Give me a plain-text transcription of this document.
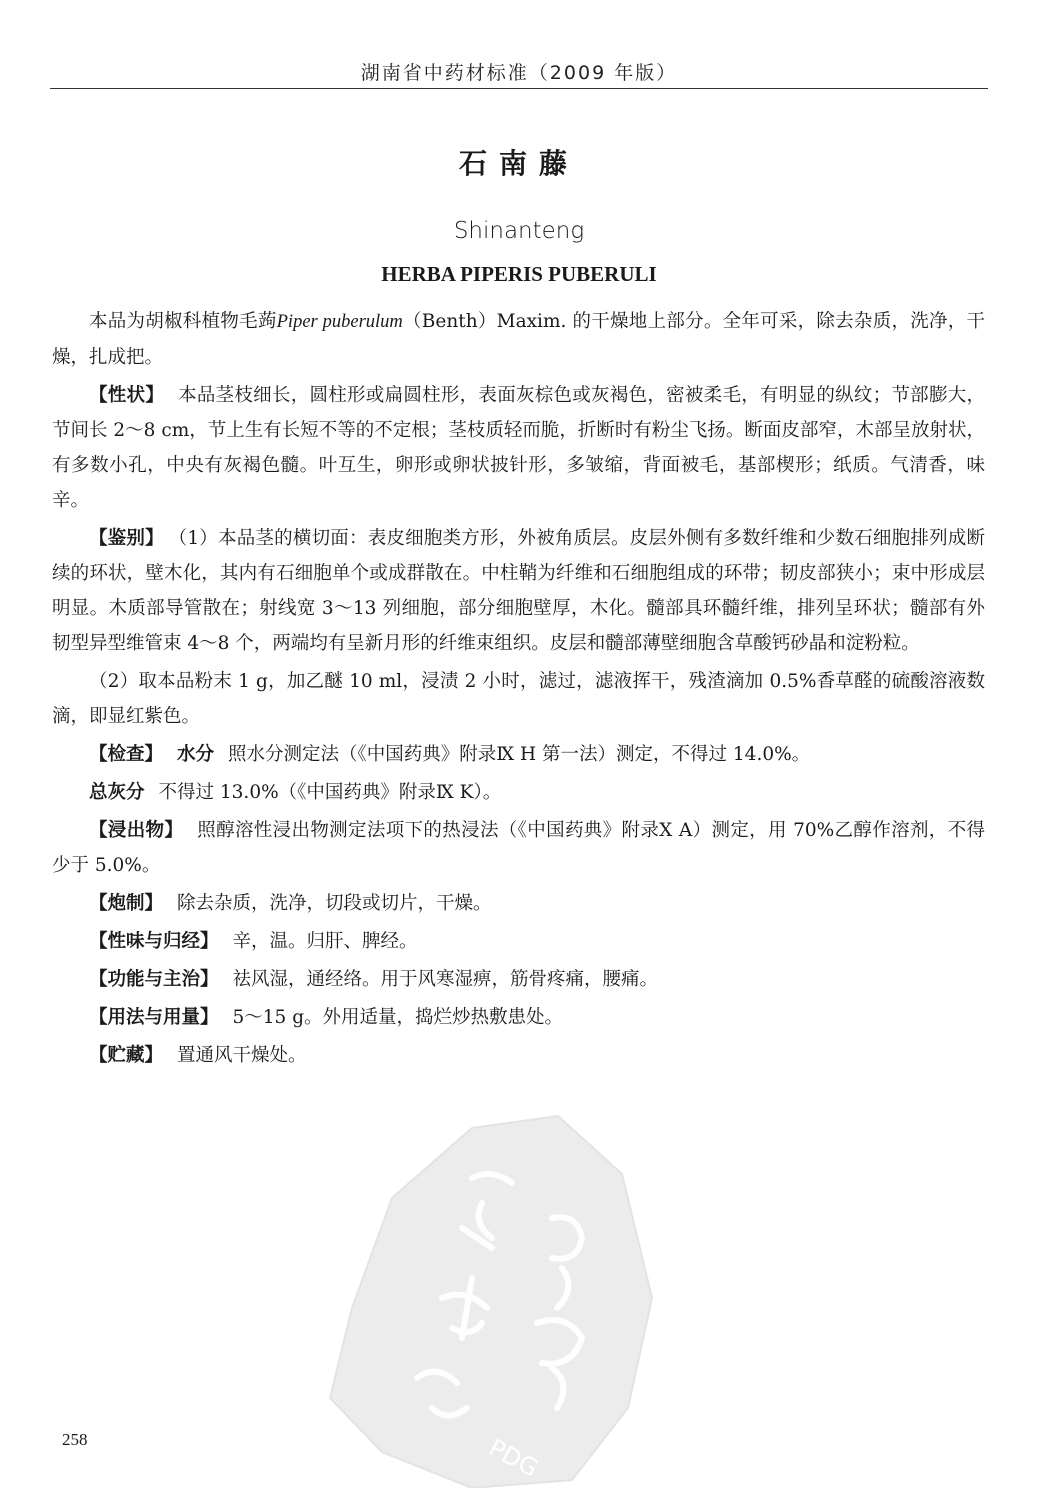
湖南省中药材标准（2009 年版）
石南藤
Shinanteng
HERBA PIPERIS PUBERULI

本品为胡椒科植物毛蒟Piper puberulum（Benth）Maxim. 的干燥地上部分。全年可采，除去杂质，洗净，干燥，扎成把。

【性状】 本品茎枝细长，圆柱形或扁圆柱形，表面灰棕色或灰褐色，密被柔毛，有明显的纵纹；节部膨大，节间长 2～8 cm，节上生有长短不等的不定根；茎枝质轻而脆，折断时有粉尘飞扬。断面皮部窄，木部呈放射状，有多数小孔，中央有灰褐色髓。叶互生，卵形或卵状披针形，多皱缩，背面被毛，基部楔形；纸质。气清香，味辛。

【鉴别】 （1）本品茎的横切面：表皮细胞类方形，外被角质层。皮层外侧有多数纤维和少数石细胞排列成断续的环状，壁木化，其内有石细胞单个或成群散在。中柱鞘为纤维和石细胞组成的环带；韧皮部狭小；束中形成层明显。木质部导管散在；射线宽 3～13 列细胞，部分细胞壁厚，木化。髓部具环髓纤维，排列呈环状；髓部有外韧型异型维管束 4～8 个，两端均有呈新月形的纤维束组织。皮层和髓部薄壁细胞含草酸钙砂晶和淀粉粒。

（2）取本品粉末 1 g，加乙醚 10 ml，浸渍 2 小时，滤过，滤液挥干，残渣滴加 0.5%香草醛的硫酸溶液数滴，即显红紫色。

【检查】 水分 照水分测定法（《中国药典》附录Ⅸ H 第一法）测定，不得过 14.0%。

总灰分 不得过 13.0%（《中国药典》附录Ⅸ K）。

【浸出物】 照醇溶性浸出物测定法项下的热浸法（《中国药典》附录Ⅹ A）测定，用 70%乙醇作溶剂，不得少于 5.0%。

【炮制】 除去杂质，洗净，切段或切片，干燥。

【性味与归经】 辛，温。归肝、脾经。

【功能与主治】 祛风湿，通经络。用于风寒湿痹，筋骨疼痛，腰痛。

【用法与用量】 5～15 g。外用适量，捣烂炒热敷患处。

【贮藏】 置通风干燥处。

PDG
258
